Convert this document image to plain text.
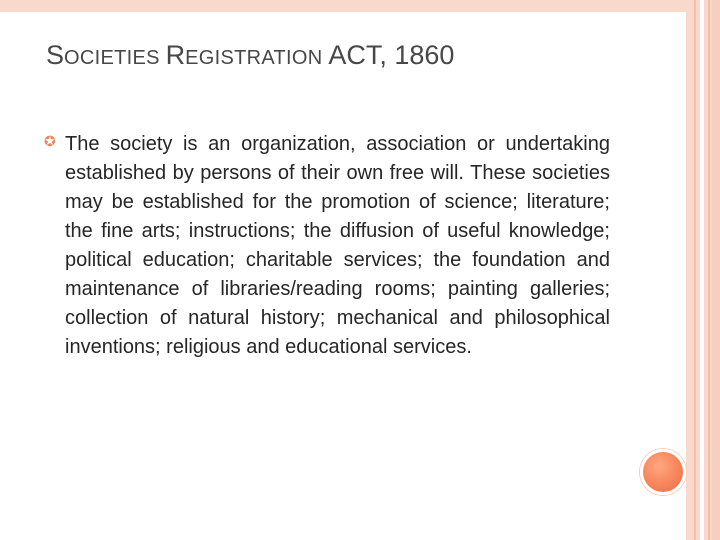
SOCIETIES REGISTRATION ACT, 1860
✪ The society is an organization, association or undertaking established by persons of their own free will. These societies may be established for the promotion of science; literature; the fine arts; instructions; the diffusion of useful knowledge; political education; charitable services; the foundation and maintenance of libraries/reading rooms; painting galleries; collection of natural history; mechanical and philosophical inventions; religious and educational services.
